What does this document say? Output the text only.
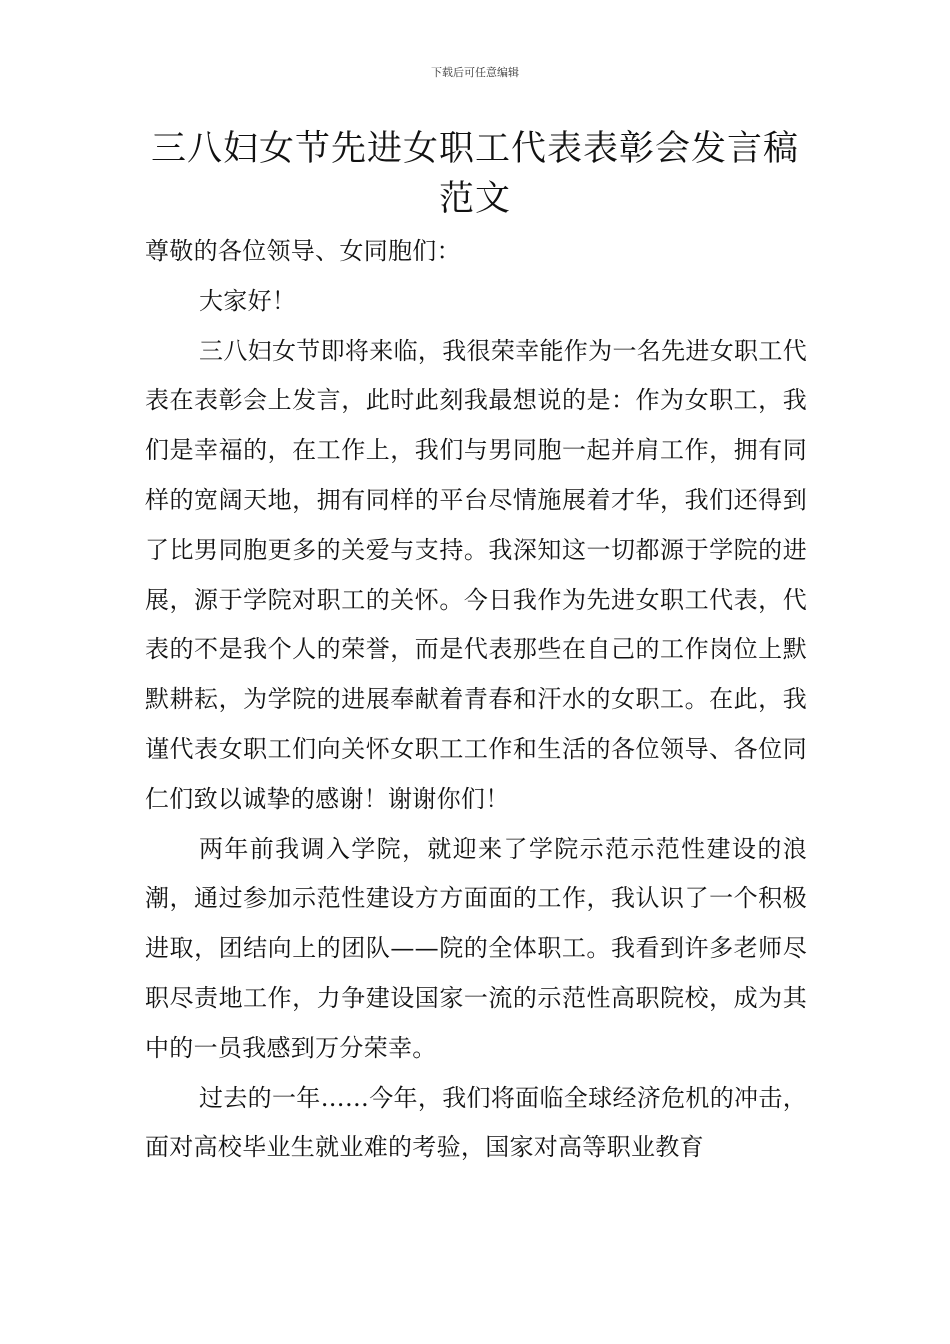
下载后可任意编辑
三八妇女节先进女职工代表表彰会发言稿范文

尊敬的各位领导、女同胞们：

大家好！

三八妇女节即将来临，我很荣幸能作为一名先进女职工代表在表彰会上发言，此时此刻我最想说的是：作为女职工，我们是幸福的，在工作上，我们与男同胞一起并肩工作，拥有同样的宽阔天地，拥有同样的平台尽情施展着才华，我们还得到了比男同胞更多的关爱与支持。我深知这一切都源于学院的进展，源于学院对职工的关怀。今日我作为先进女职工代表，代表的不是我个人的荣誉，而是代表那些在自己的工作岗位上默默耕耘，为学院的进展奉献着青春和汗水的女职工。在此，我谨代表女职工们向关怀女职工工作和生活的各位领导、各位同仁们致以诚挚的感谢！谢谢你们！

两年前我调入学院，就迎来了学院示范示范性建设的浪潮，通过参加示范性建设方方面面的工作，我认识了一个积极进取，团结向上的团队——院的全体职工。我看到许多老师尽职尽责地工作，力争建设国家一流的示范性高职院校，成为其中的一员我感到万分荣幸。

过去的一年……今年，我们将面临全球经济危机的冲击，面对高校毕业生就业难的考验，国家对高等职业教育
